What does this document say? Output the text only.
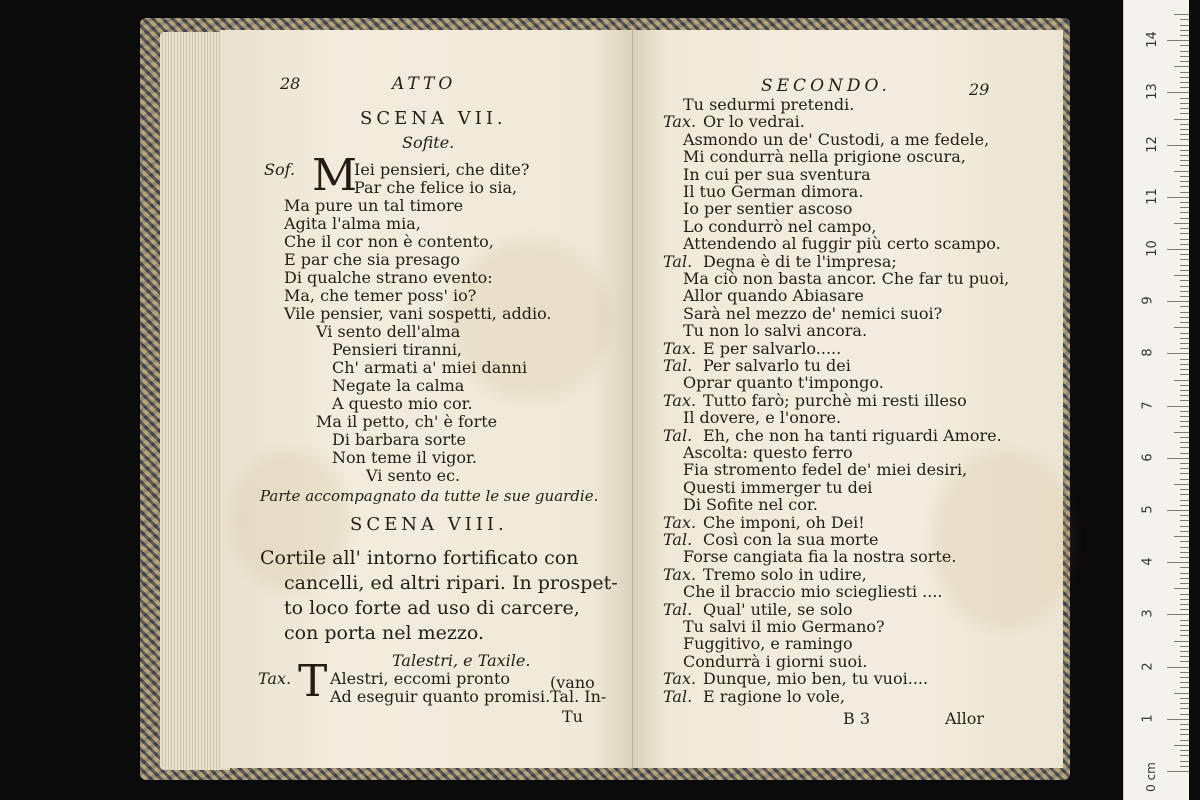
28	ATTO
SCENA VII.
Sofite.
Sof. M
Iei pensieri, che dite?
Par che felice io sia,
Ma pure un tal timore
Agita l'alma mia,
Che il cor non è contento,
E par che sia presago
Di qualche strano evento:
Ma, che temer poss' io?
Vile pensier, vani sospetti, addio.
Vi sento dell'alma
Pensieri tiranni,
Ch' armati a' miei danni
Negate la calma
A questo mio cor.
Ma il petto, ch' è forte
Di barbara sorte
Non teme il vigor.
Vi sento ec.
Parte accompagnato da tutte le sue guardie.
SCENA VIII.
Cortile all' intorno fortificato con
cancelli, ed altri ripari. In prospet-
to loco forte ad uso di carcere,
con porta nel mezzo.
Talestri, e Taxile.
Tax. T Alestri, eccomi pronto (vano
Ad eseguir quanto promisi. Tal. In-
Tu
SECONDO.	29
Tu sedurmi pretendi.
Tax. Or lo vedrai.
Asmondo un de' Custodi, a me fedele,
Mi condurrà nella prigione oscura,
In cui per sua sventura
Il tuo German dimora.
Io per sentier ascoso
Lo condurrò nel campo,
Attendendo al fuggir più certo scampo.
Tal. Degna è di te l'impresa;
Ma ciò non basta ancor. Che far tu puoi,
Allor quando Abiasare
Sarà nel mezzo de' nemici suoi?
Tu non lo salvi ancora.
Tax. E per salvarlo.....
Tal. Per salvarlo tu dei
Oprar quanto t'impongo.
Tax. Tutto farò; purchè mi resti illeso
Il dovere, e l'onore.
Tal. Eh, che non ha tanti riguardi Amore.
Ascolta: questo ferro
Fia stromento fedel de' miei desiri,
Questi immerger tu dei
Di Sofite nel cor.
Tax. Che imponi, oh Dei!
Tal. Così con la sua morte
Forse cangiata fia la nostra sorte.
Tax. Tremo solo in udire,
Che il braccio mio sciegliesti ....
Tal. Qual' utile, se solo
Tu salvi il mio Germano?
Fuggitivo, e ramingo
Condurrà i giorni suoi.
Tax. Dunque, mio ben, tu vuoi....
Tal. E ragione lo vole,
B 3	Allor	1
2
3
4
5
6
7
8
9
10
11
12
13
14
0 cm
